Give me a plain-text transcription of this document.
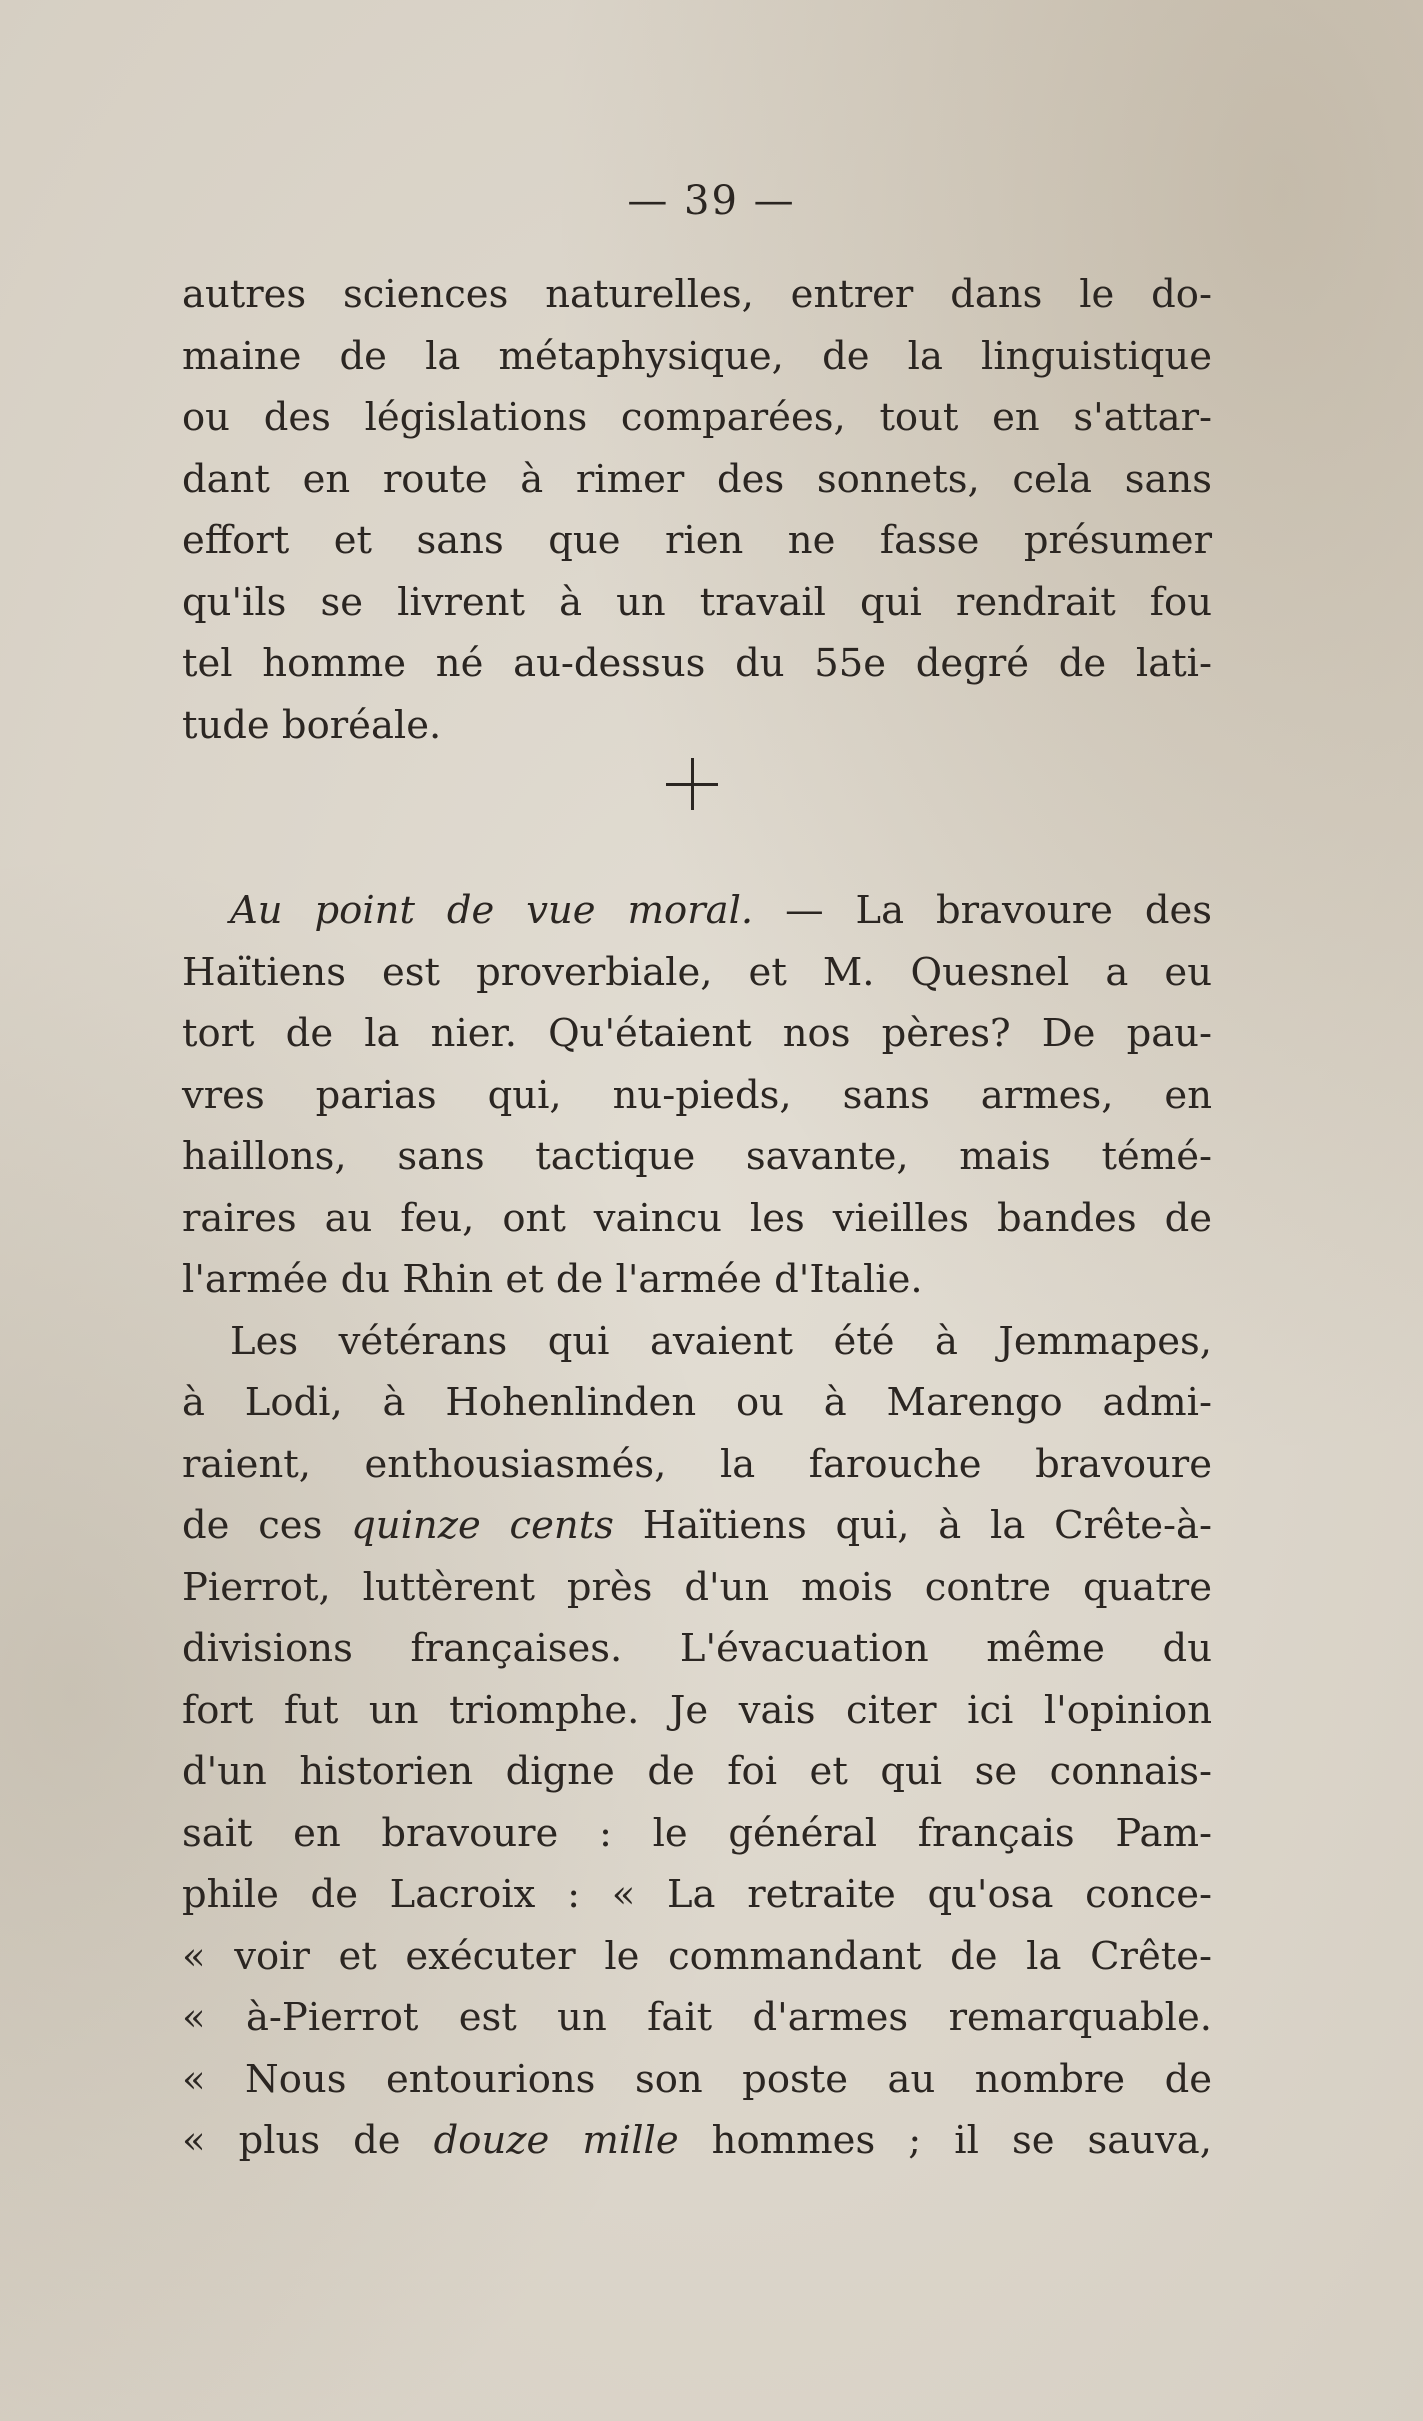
— 39 —
autres sciences naturelles, entrer dans le do-
maine de la métaphysique, de la linguistique
ou des législations comparées, tout en s'attar-
dant en route à rimer des sonnets, cela sans
effort et sans que rien ne fasse présumer
qu'ils se livrent à un travail qui rendrait fou
tel homme né au-dessus du 55e degré de lati-
tude boréale.
Au point de vue moral. — La bravoure des
Haïtiens est proverbiale, et M. Quesnel a eu
tort de la nier. Qu'étaient nos pères? De pau-
vres parias qui, nu-pieds, sans armes, en
haillons, sans tactique savante, mais témé-
raires au feu, ont vaincu les vieilles bandes de
l'armée du Rhin et de l'armée d'Italie.
Les vétérans qui avaient été à Jemmapes,
à Lodi, à Hohenlinden ou à Marengo admi-
raient, enthousiasmés, la farouche bravoure
de ces quinze cents Haïtiens qui, à la Crête-à-
Pierrot, luttèrent près d'un mois contre quatre
divisions françaises. L'évacuation même du
fort fut un triomphe. Je vais citer ici l'opinion
d'un historien digne de foi et qui se connais-
sait en bravoure : le général français Pam-
phile de Lacroix : « La retraite qu'osa conce-
« voir et exécuter le commandant de la Crête-
« à-Pierrot est un fait d'armes remarquable.
« Nous entourions son poste au nombre de
« plus de douze mille hommes ; il se sauva,
